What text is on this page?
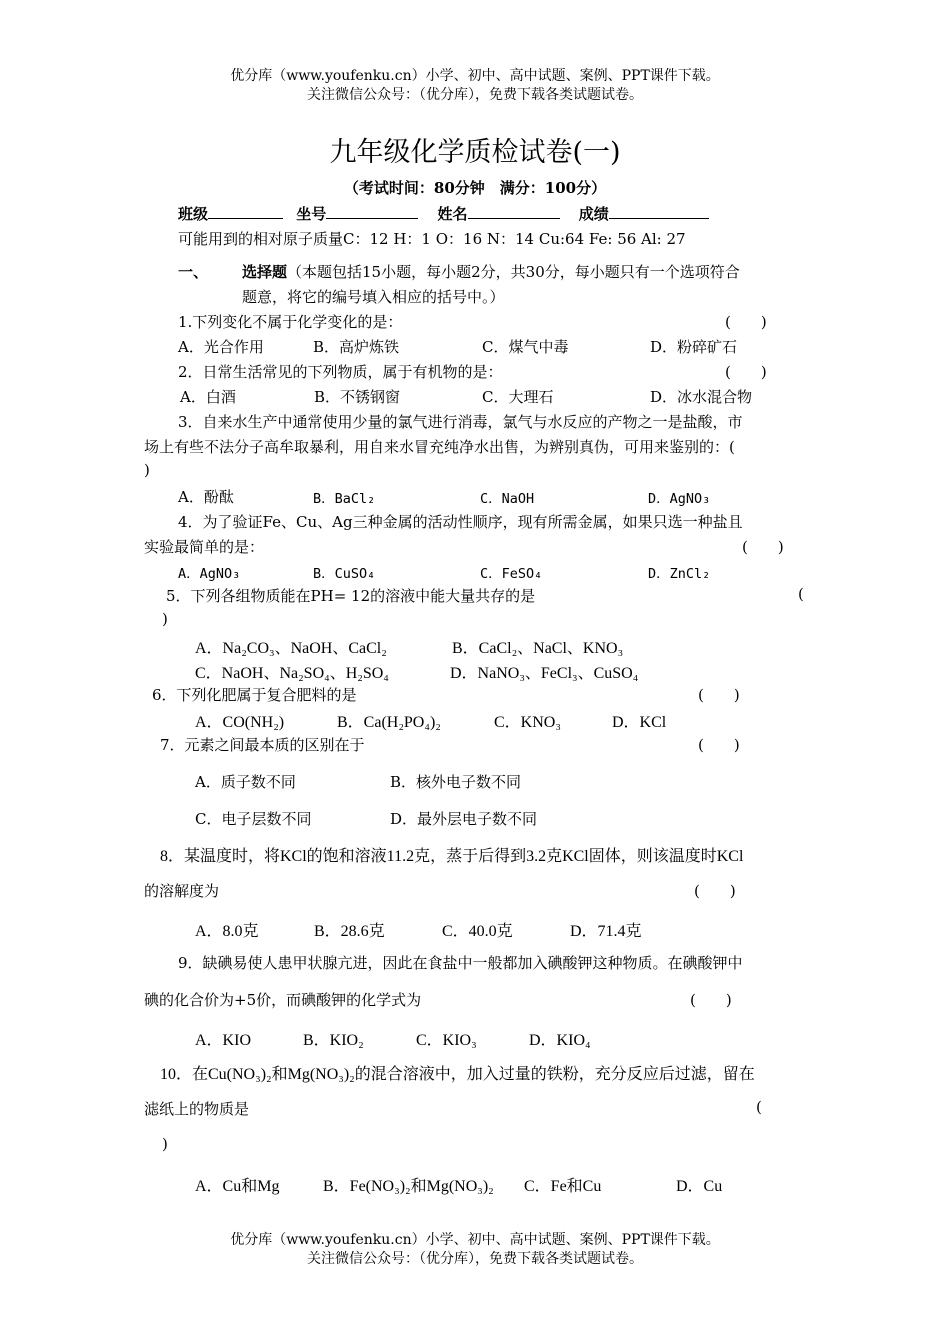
优分库（www.youfenku.cn）小学、初中、高中试题、案例、PPT课件下载。
关注微信公众号：（优分库），免费下载各类试题试卷。
九年级化学质检试卷(一)
（考试时间：80分钟　满分：100分）
班级	坐号	姓名	成绩
可能用到的相对原子质量C：12 H：1 O：16 N：14 Cu:64 Fe: 56 Al: 27
一、 选择题（本题包括15小题，每小题2分，共30分，每小题只有一个选项符合
题意，将它的编号填入相应的括号中。）
1.下列变化不属于化学变化的是：	(　　)
A．光合作用	B．高炉炼铁	C．煤气中毒	D．粉碎矿石
2．日常生活常见的下列物质，属于有机物的是：	(　　)
A．白酒	B．不锈钢窗	C．大理石	D．冰水混合物
3．自来水生产中通常使用少量的氯气进行消毒，氯气与水反应的产物之一是盐酸，市
场上有些不法分子高牟取暴利，用自来水冒充纯净水出售，为辨别真伪，可用来鉴别的：(
)
A．酚酞	B．BaCl₂	C．NaOH	D．AgNO₃
4．为了验证Fe、Cu、Ag三种金属的活动性顺序，现有所需金属，如果只选一种盐且
实验最简单的是：	(　　)
A．AgNO₃	B．CuSO₄	C．FeSO₄	D．ZnCl₂
5．下列各组物质能在PH= 12的溶液中能大量共存的是	(
)
A．Na₂CO₃、NaOH、CaCl₂	B．CaCl₂、NaCl、KNO₃
C．NaOH、Na₂SO₄、H₂SO₄	D．NaNO₃、FeCl₃、CuSO₄
6．下列化肥属于复合肥料的是	(　　)
A．CO(NH₂)	B．Ca(H₂PO₄)₂	C．KNO₃	D．KCl
7．元素之间最本质的区别在于	(　　)
A．质子数不同	B．核外电子数不同
C．电子层数不同	D．最外层电子数不同
8．某温度时，将KCl的饱和溶液11.2克，蒸于后得到3.2克KCl固体，则该温度时KCl
的溶解度为	(　　)
A．8.0克	B．28.6克	C．40.0克	D．71.4克
9．缺碘易使人患甲状腺亢进，因此在食盐中一般都加入碘酸钾这种物质。在碘酸钾中
碘的化合价为+5价，而碘酸钾的化学式为	(　　)
A．KIO	B．KIO₂	C．KIO₃	D．KIO₄
10．在Cu(NO₃)₂和Mg(NO₃)₂的混合溶液中，加入过量的铁粉，充分反应后过滤，留在
滤纸上的物质是	(
)
A．Cu和Mg	B．Fe(NO₃)₂和Mg(NO₃)₂ C．Fe和Cu	D．Cu
优分库（www.youfenku.cn）小学、初中、高中试题、案例、PPT课件下载。
关注微信公众号：（优分库），免费下载各类试题试卷。
